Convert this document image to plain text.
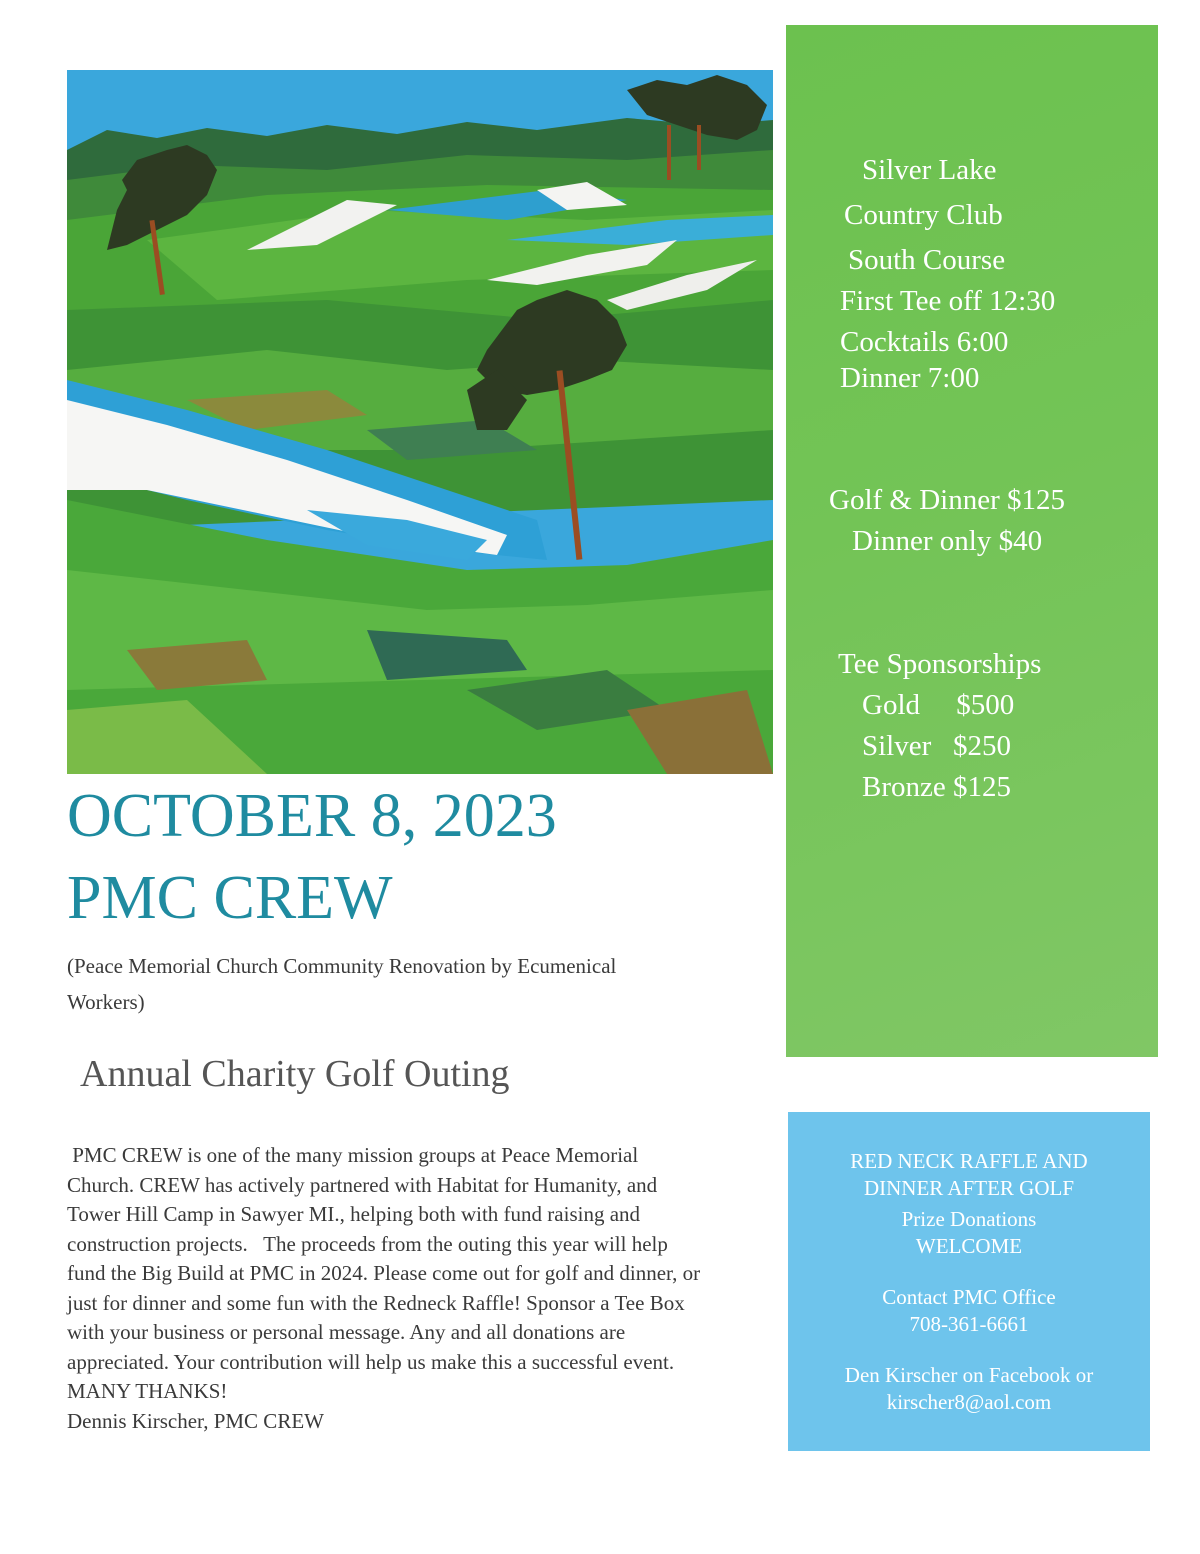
Silver Lake
Country Club
South Course
First Tee off 12:30
Cocktails 6:00
Dinner 7:00
Golf & Dinner $125
Dinner only $40
Tee Sponsorships
Gold     $500
Silver   $250
Bronze $125
OCTOBER 8, 2023
PMC CREW
(Peace Memorial Church Community Renovation by Ecumenical
Workers)
Annual Charity Golf Outing
PMC CREW is one of the many mission groups at Peace Memorial
Church. CREW has actively partnered with Habitat for Humanity, and
Tower Hill Camp in Sawyer MI., helping both with fund raising and
construction projects.   The proceeds from the outing this year will help
fund the Big Build at PMC in 2024. Please come out for golf and dinner, or
just for dinner and some fun with the Redneck Raffle! Sponsor a Tee Box
with your business or personal message. Any and all donations are
appreciated. Your contribution will help us make this a successful event.
MANY THANKS!
Dennis Kirscher, PMC CREW
RED NECK RAFFLE AND
DINNER AFTER GOLF
Prize Donations
WELCOME
Contact PMC Office
708-361-6661
Den Kirscher on Facebook or
kirscher8@aol.com
